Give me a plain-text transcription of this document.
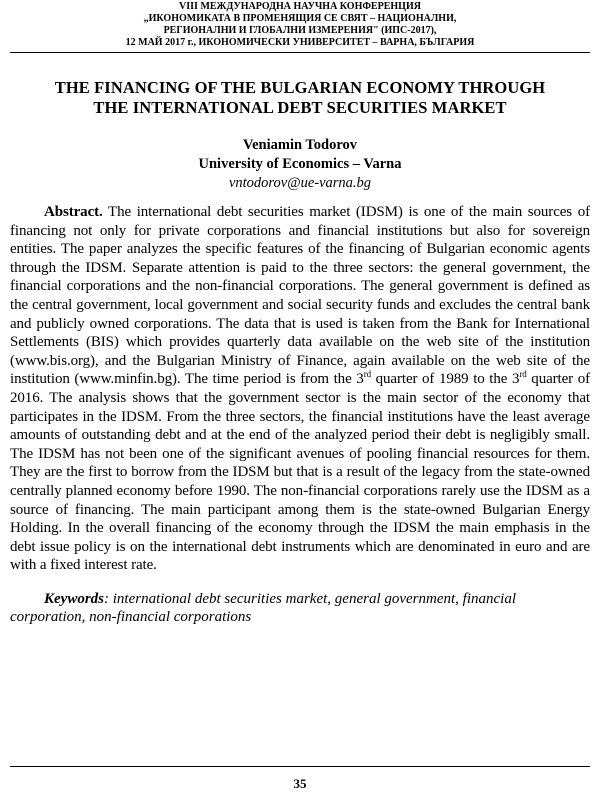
VIII МЕЖДУНАРОДНА НАУЧНА КОНФЕРЕНЦИЯ
„ИКОНОМИКАТА В ПРОМЕНЯЩИЯ СЕ СВЯТ – НАЦИОНАЛНИ,
РЕГИОНАЛНИ И ГЛОБАЛНИ ИЗМЕРЕНИЯ" (ИПС-2017),
12 МАЙ 2017 г., ИКОНОМИЧЕСКИ УНИВЕРСИТЕТ – ВАРНА, БЪЛГАРИЯ
THE FINANCING OF THE BULGARIAN ECONOMY THROUGH
THE INTERNATIONAL DEBT SECURITIES MARKET
Veniamin Todorov
University of Economics – Varna
vntodorov@ue-varna.bg

Abstract. The international debt securities market (IDSM) is one of the main sources of financing not only for private corporations and financial institutions but also for sovereign entities. The paper analyzes the specific features of the financing of Bulgarian economic agents through the IDSM. Separate attention is paid to the three sectors: the general government, the financial corporations and the non-financial corporations. The general government is defined as the central government, local government and social security funds and excludes the central bank and publicly owned corporations. The data that is used is taken from the Bank for International Settlements (BIS) which provides quarterly data available on the web site of the institution (www.bis.org), and the Bulgarian Ministry of Finance, again available on the web site of the institution (www.minfin.bg). The time period is from the 3rd quarter of 1989 to the 3rd quarter of 2016. The analysis shows that the government sector is the main sector of the economy that participates in the IDSM. From the three sectors, the financial institutions have the least average amounts of outstanding debt and at the end of the analyzed period their debt is negligibly small. The IDSM has not been one of the significant avenues of pooling financial resources for them. They are the first to borrow from the IDSM but that is a result of the legacy from the state-owned centrally planned economy before 1990. The non-financial corporations rarely use the IDSM as a source of financing. The main participant among them is the state-owned Bulgarian Energy Holding. In the overall financing of the economy through the IDSM the main emphasis in the debt issue policy is on the international debt instruments which are denominated in euro and are with a fixed interest rate.

Keywords: international debt securities market, general government, financial corporation, non-financial corporations

35
